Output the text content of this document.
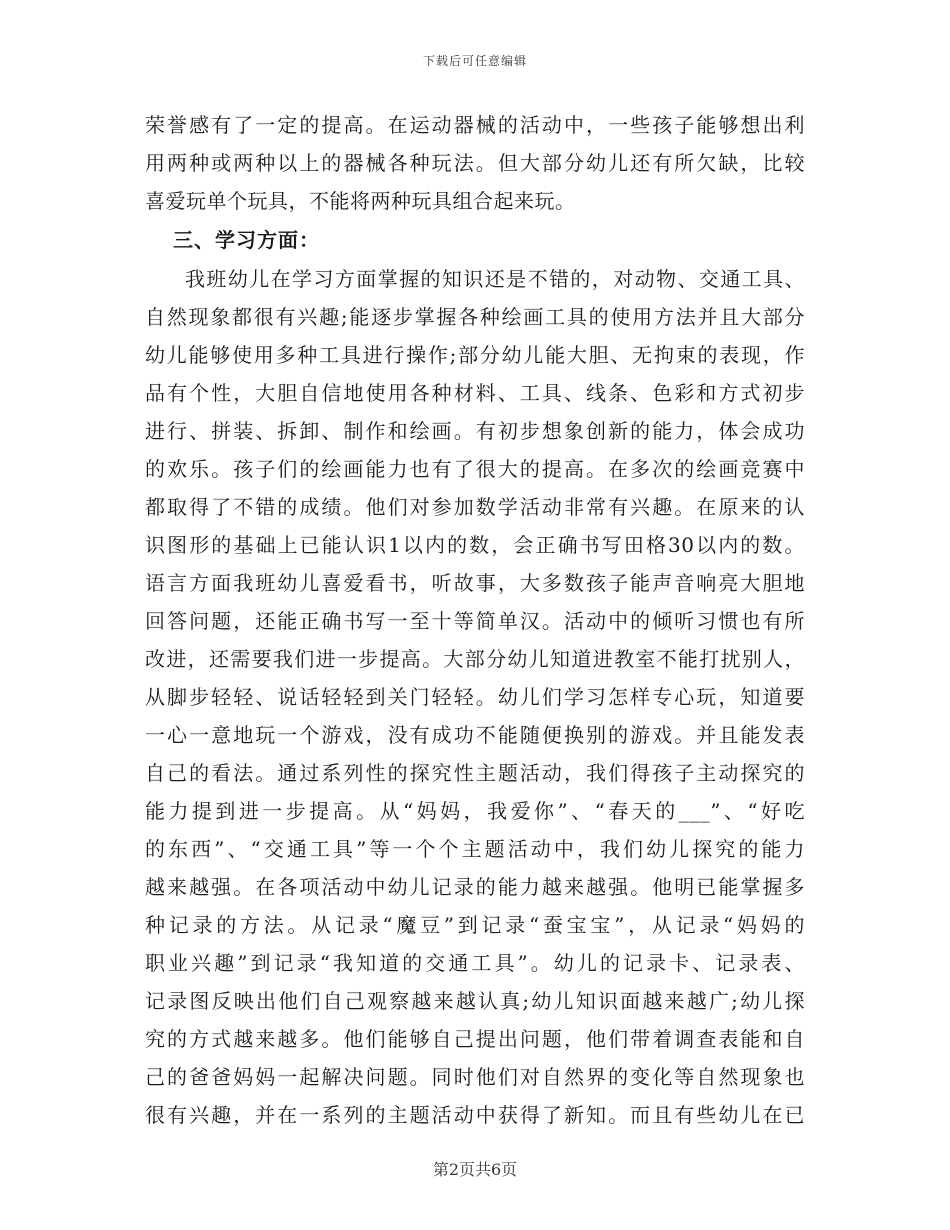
下载后可任意编辑
荣誉感有了一定的提高。在运动器械的活动中，一些孩子能够想出利
用两种或两种以上的器械各种玩法。但大部分幼儿还有所欠缺，比较
喜爱玩单个玩具，不能将两种玩具组合起来玩。
三、学习方面：
我班幼儿在学习方面掌握的知识还是不错的，对动物、交通工具、
自然现象都很有兴趣;能逐步掌握各种绘画工具的使用方法并且大部分
幼儿能够使用多种工具进行操作;部分幼儿能大胆、无拘束的表现，作
品有个性，大胆自信地使用各种材料、工具、线条、色彩和方式初步
进行、拼装、拆卸、制作和绘画。有初步想象创新的能力，体会成功
的欢乐。孩子们的绘画能力也有了很大的提高。在多次的绘画竞赛中
都取得了不错的成绩。他们对参加数学活动非常有兴趣。在原来的认
识图形的基础上已能认识1以内的数，会正确书写田格30以内的数。
语言方面我班幼儿喜爱看书，听故事，大多数孩子能声音响亮大胆地
回答问题，还能正确书写一至十等简单汉。活动中的倾听习惯也有所
改进，还需要我们进一步提高。大部分幼儿知道进教室不能打扰别人，
从脚步轻轻、说话轻轻到关门轻轻。幼儿们学习怎样专心玩，知道要
一心一意地玩一个游戏，没有成功不能随便换别的游戏。并且能发表
自己的看法。通过系列性的探究性主题活动，我们得孩子主动探究的
能力提到进一步提高。从“妈妈，我爱你”、“春天的___”、“好吃
的东西”、“交通工具”等一个个主题活动中，我们幼儿探究的能力
越来越强。在各项活动中幼儿记录的能力越来越强。他明已能掌握多
种记录的方法。从记录“魔豆”到记录“蚕宝宝”，从记录“妈妈的
职业兴趣”到记录“我知道的交通工具”。幼儿的记录卡、记录表、
记录图反映出他们自己观察越来越认真;幼儿知识面越来越广;幼儿探
究的方式越来越多。他们能够自己提出问题，他们带着调查表能和自
己的爸爸妈妈一起解决问题。同时他们对自然界的变化等自然现象也
很有兴趣，并在一系列的主题活动中获得了新知。而且有些幼儿在已
第2页共6页
